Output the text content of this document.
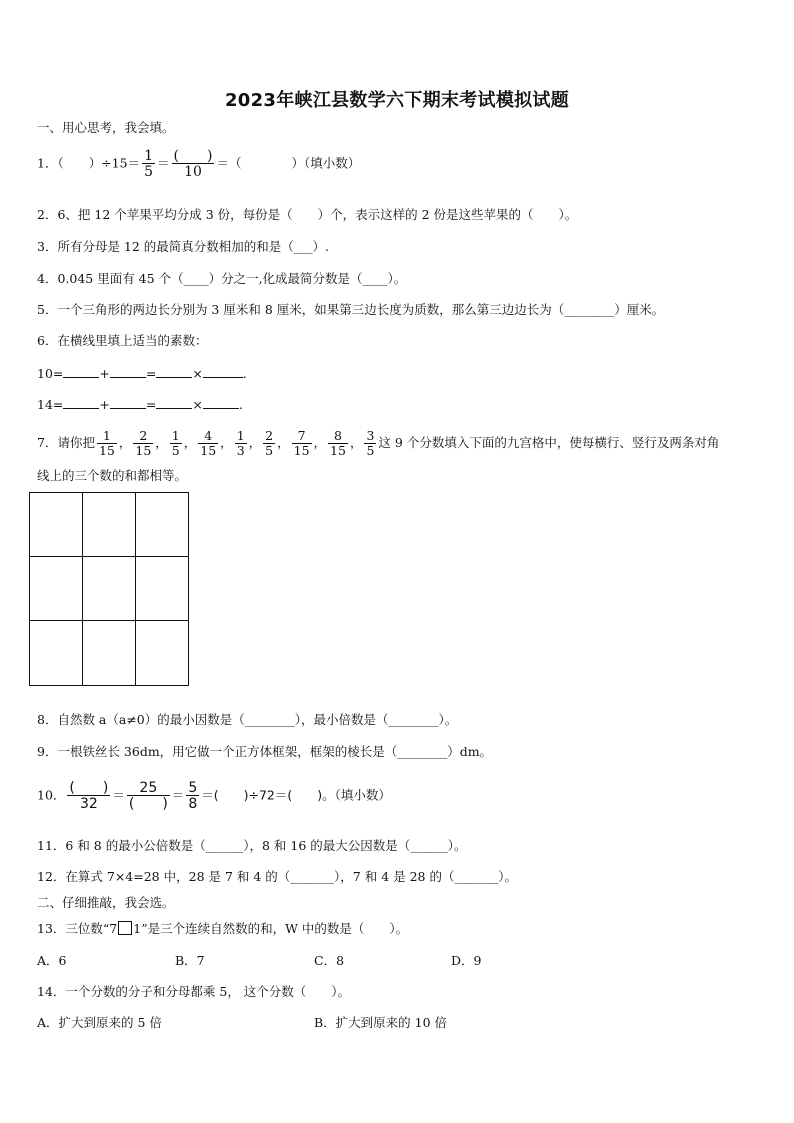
2023年峡江县数学六下期末考试模拟试题
一、用心思考，我会填。
1．（　　）$\div 15= \frac{1}{5} = \frac{( )}{10}$ ＝（　　　　）（填小数）
2．6、把 12 个苹果平均分成 3 份，每份是（　　）个，表示这样的 2 份是这些苹果的（　　）。
3．所有分母是 12 的最简真分数相加的和是（___）.
4．0.045 里面有 45 个（____）分之一,化成最简分数是（____）。
5．一个三角形的两边长分别为 3 厘米和 8 厘米，如果第三边长度为质数，那么第三边边长为（________）厘米。
6．在横线里填上适当的素数：
10=	+	=	×	.
14=	+	=	×	.
7．请你把 $\frac{1}{15}$ ， $\frac{2}{15}$ ， $\frac{1}{5}$ ， $\frac{4}{15}$ ， $\frac{1}{3}$ ， $\frac{2}{5}$ ， $\frac{7}{15}$ ， $\frac{8}{15}$ ， $\frac{3}{5}$ 这 9 个分数填入下面的九宫格中，使每横行、竖行及两条对角
线上的三个数的和都相等。
8．自然数 a（a≠0）的最小因数是（________），最小倍数是（________）。
9．一根铁丝长 36dm，用它做一个正方体框架，框架的棱长是（________）dm。
10． $\frac{( )}{32} = \frac{25}{( )} = \frac{5}{8}$ ＝(　　)÷72＝(　　)。（填小数）
11．6 和 8 的最小公倍数是（______），8 和 16 的最大公因数是（______）。
12．在算式 7×4=28 中，28 是 7 和 4 的（_______），7 和 4 是 28 的（_______）。
二、仔细推敲，我会选。
13．三位数“7 1”是三个连续自然数的和，W 中的数是（　　）。
A．6	B．7	C．8	D．9
14．一个分数的分子和分母都乘 5， 这个分数（　　）。
A．扩大到原来的 5 倍	B．扩大到原来的 10 倍
